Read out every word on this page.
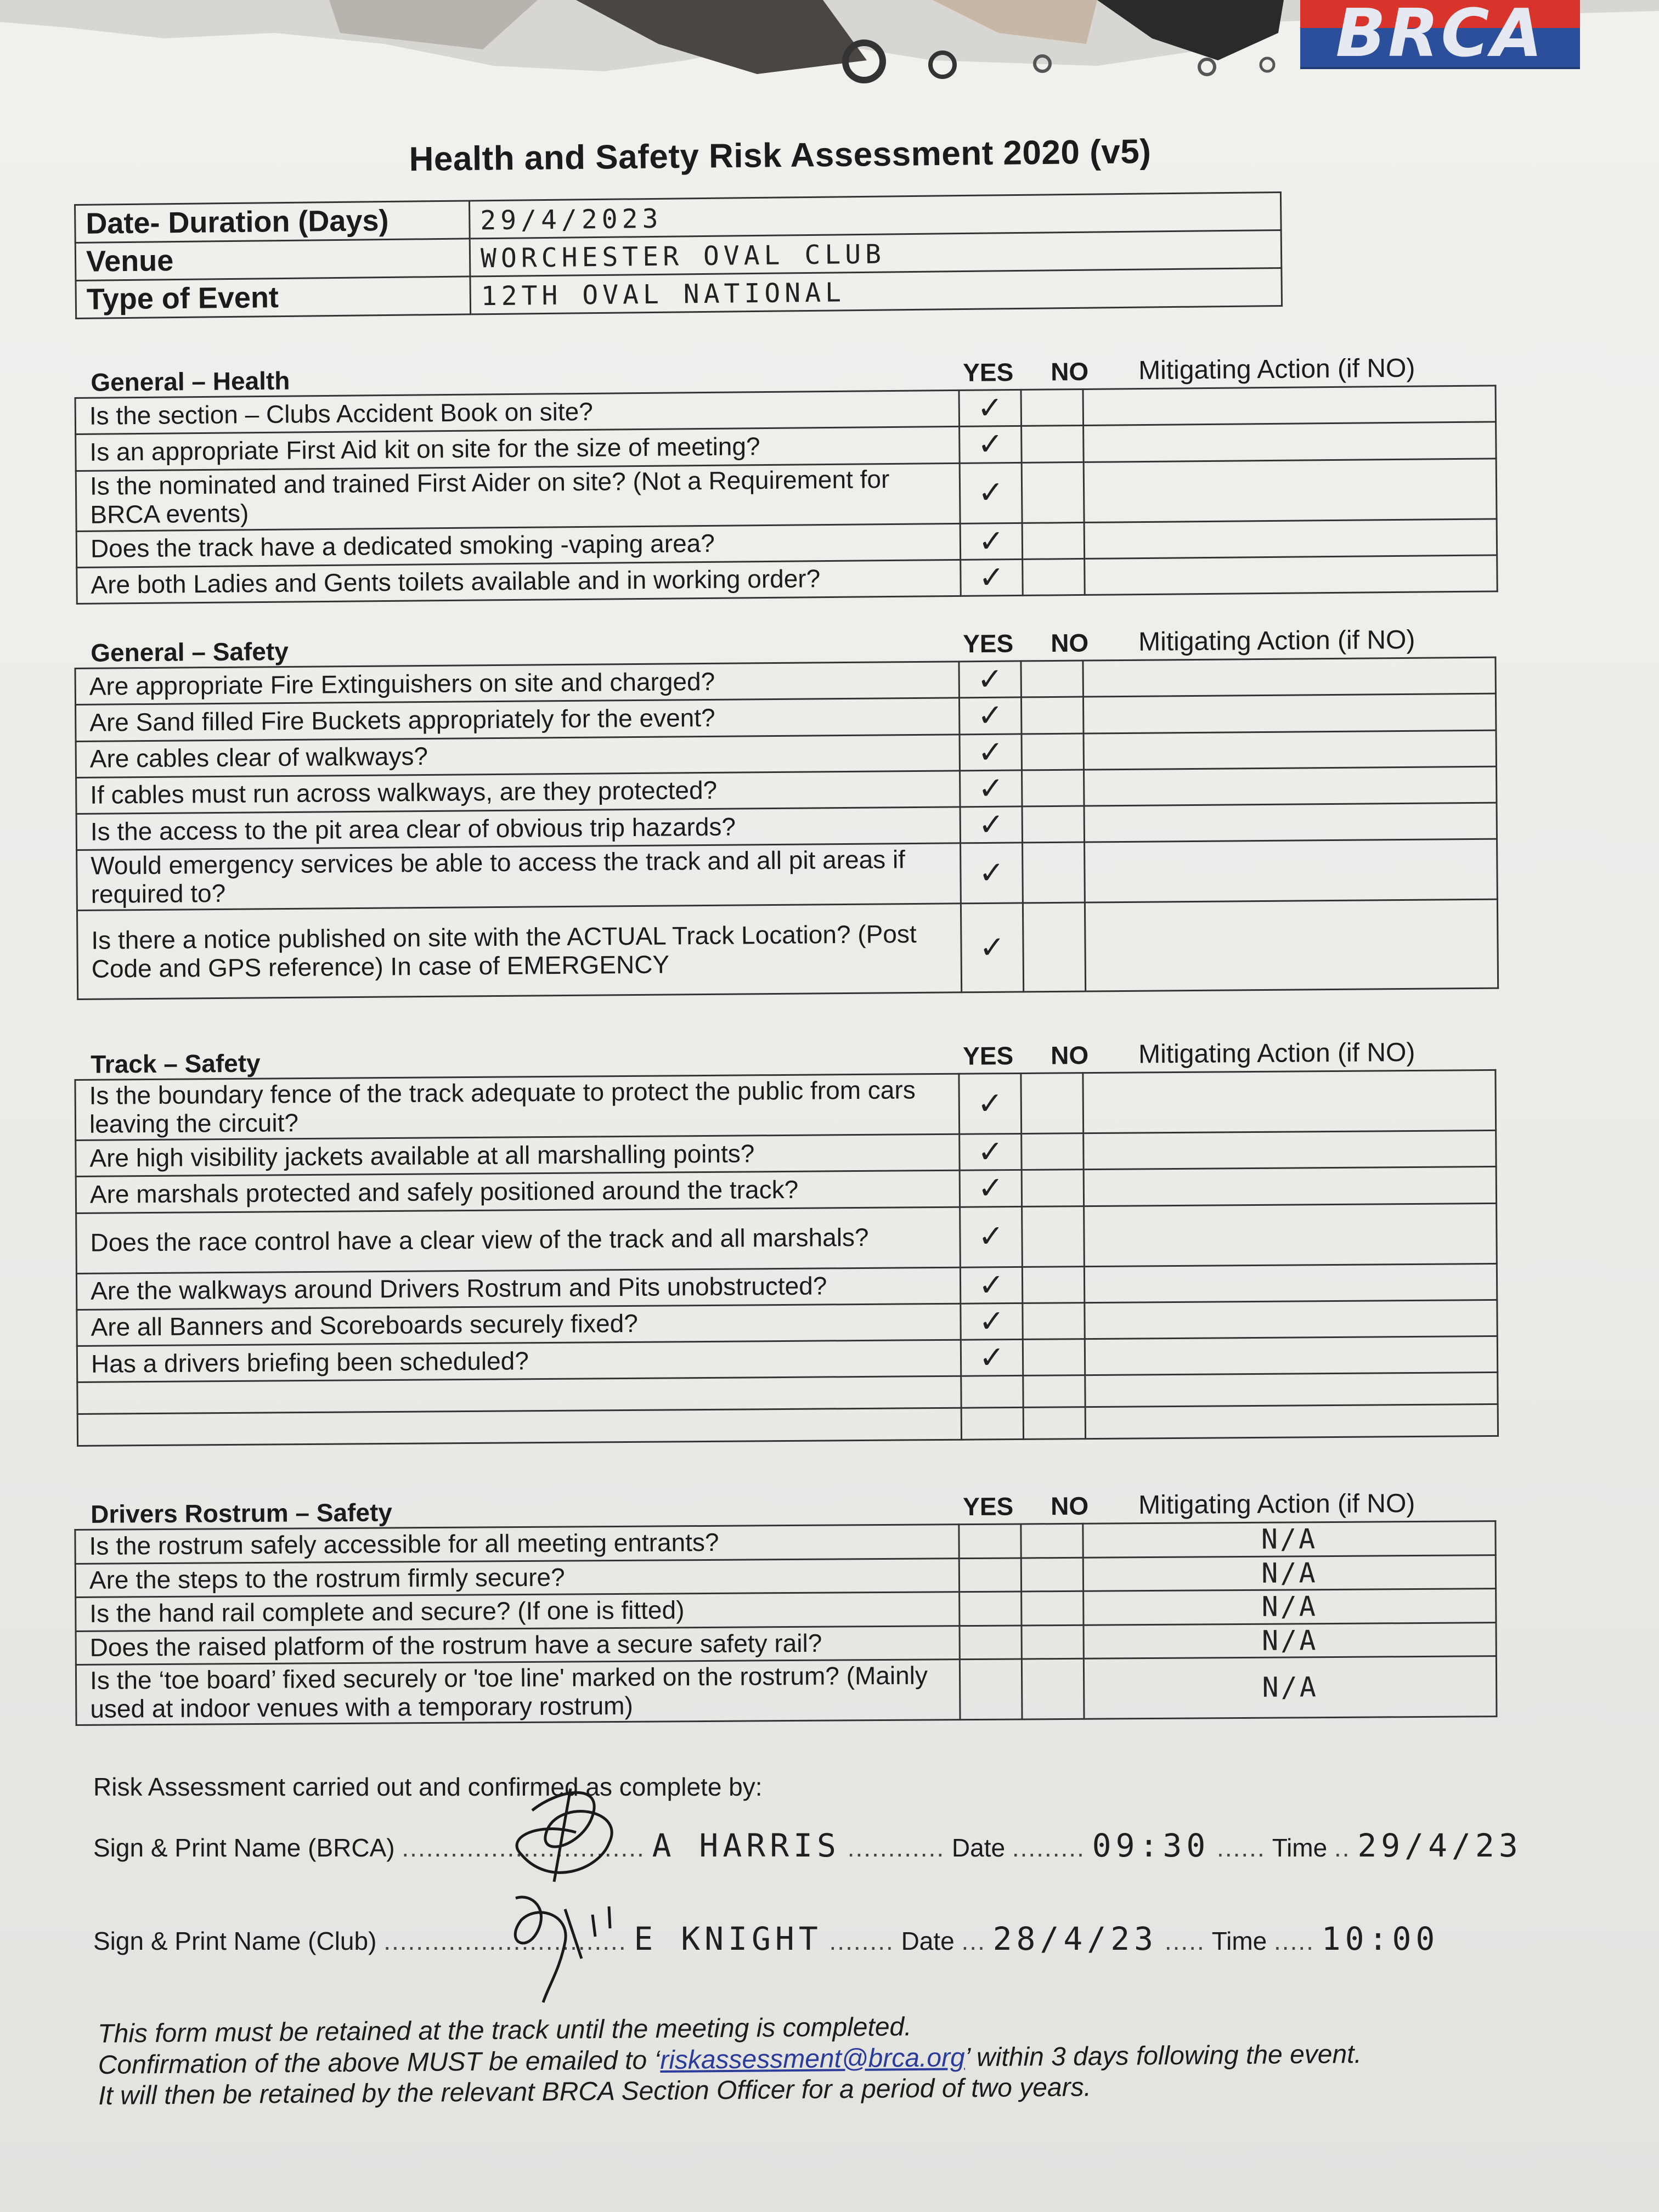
BRCA
Health and Safety Risk Assessment 2020 (v5)
Date- Duration (Days)	29/4/2023
Venue	WORCHESTER OVAL CLUB
Type of Event	12TH OVAL NATIONAL
General – Health	YES NO Mitigating Action (if NO)
Is the section – Clubs Accident Book on site?	✓		
Is an appropriate First Aid kit on site for the size of meeting?	✓		
Is the nominated and trained First Aider on site? (Not a Requirement for BRCA events)	✓		
Does the track have a dedicated smoking -vaping area?	✓		
Are both Ladies and Gents toilets available and in working order?	✓		
General – Safety	YES NO Mitigating Action (if NO)
Are appropriate Fire Extinguishers on site and charged?	✓		
Are Sand filled Fire Buckets appropriately for the event?	✓		
Are cables clear of walkways?	✓		
If cables must run across walkways, are they protected?	✓		
Is the access to the pit area clear of obvious trip hazards?	✓		
Would emergency services be able to access the track and all pit areas if required to?	✓		
Is there a notice published on site with the ACTUAL Track Location? (Post Code and GPS reference) In case of EMERGENCY	✓		
Track – Safety	YES NO Mitigating Action (if NO)
Is the boundary fence of the track adequate to protect the public from cars leaving the circuit?	✓		
Are high visibility jackets available at all marshalling points?	✓		
Are marshals protected and safely positioned around the track?	✓		
Does the race control have a clear view of the track and all marshals?	✓		
Are the walkways around Drivers Rostrum and Pits unobstructed?	✓		
Are all Banners and Scoreboards securely fixed?	✓		
Has a drivers briefing been scheduled?	✓		

Drivers Rostrum – Safety	YES NO Mitigating Action (if NO)
Is the rostrum safely accessible for all meeting entrants?			N/A
Are the steps to the rostrum firmly secure?			N/A
Is the hand rail complete and secure? (If one is fitted)			N/A
Does the raised platform of the rostrum have a secure safety rail?			N/A
Is the ‘toe board’ fixed securely or 'toe line' marked on the rostrum? (Mainly used at indoor venues with a temporary rostrum)			N/A
Risk Assessment carried out and confirmed as complete by:
Sign & Print Name (BRCA) .............................. A HARRIS ............ Date ......... 09:30 ...... Time .. 29/4/23
Sign & Print Name (Club) .............................. E KNIGHT ........ Date ... 28/4/23 ..... Time ..... 10:00
This form must be retained at the track until the meeting is completed.
Confirmation of the above MUST be emailed to ‘riskassessment@brca.org’ within 3 days following the event.
It will then be retained by the relevant BRCA Section Officer for a period of two years.
